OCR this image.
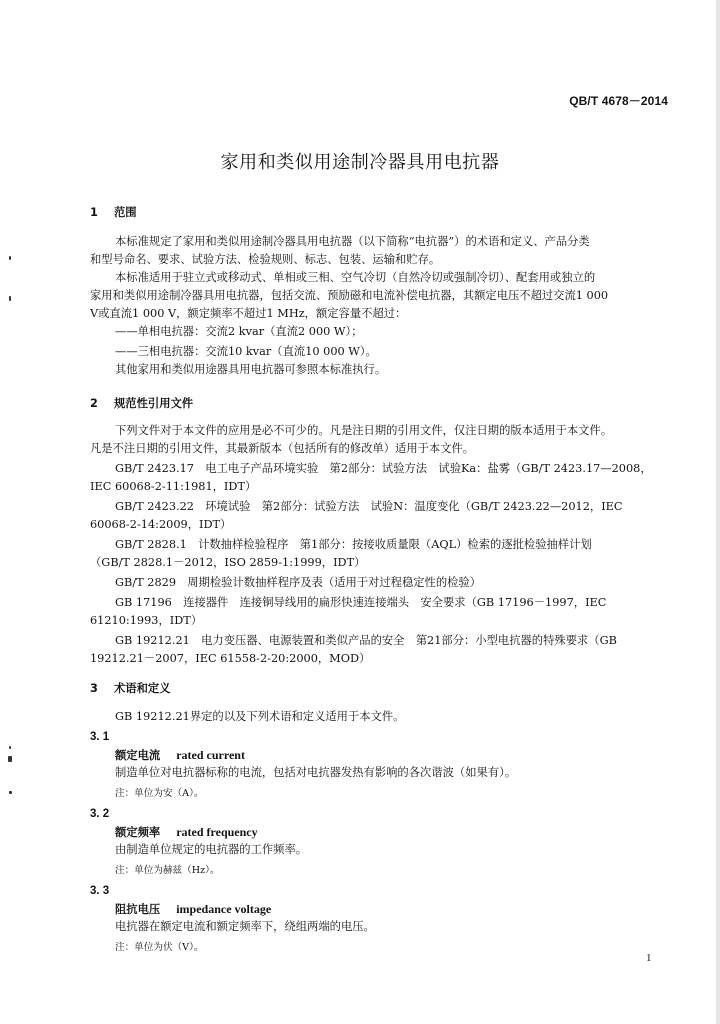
QB/T 4678－2014
家用和类似用途制冷器具用电抗器
1 范围
本标准规定了家用和类似用途制冷器具用电抗器（以下简称“电抗器”）的术语和定义、产品分类
和型号命名、要求、试验方法、检验规则、标志、包装、运输和贮存。
本标准适用于驻立式或移动式、单相或三相、空气冷切（自然冷切或强制冷切）、配套用或独立的
家用和类似用途制冷器具用电抗器，包括交流、预励磁和电流补偿电抗器，其额定电压不超过交流1 000
V或直流1 000 V，额定频率不超过1 MHz，额定容量不超过：
——单相电抗器：交流2 kvar（直流2 000 W）；
——三相电抗器：交流10 kvar（直流10 000 W）。
其他家用和类似用途器具用电抗器可参照本标准执行。
2 规范性引用文件
下列文件对于本文件的应用是必不可少的。凡是注日期的引用文件，仅注日期的版本适用于本文件。
凡是不注日期的引用文件，其最新版本（包括所有的修改单）适用于本文件。
GB/T 2423.17　电工电子产品环境实验　第2部分：试验方法　试验Ka：盐雾（GB/T 2423.17—2008，
IEC 60068-2-11:1981，IDT）
GB/T 2423.22　环境试验　第2部分：试验方法　试验N：温度变化（GB/T 2423.22—2012，IEC
60068-2-14:2009，IDT）
GB/T 2828.1　计数抽样检验程序　第1部分：按接收质量限（AQL）检索的逐批检验抽样计划
（GB/T 2828.1－2012，ISO 2859-1:1999，IDT）
GB/T 2829　周期检验计数抽样程序及表（适用于对过程稳定性的检验）
GB 17196　连接器件　连接铜导线用的扁形快速连接端头　安全要求（GB 17196－1997，IEC
61210:1993，IDT）
GB 19212.21　电力变压器、电源装置和类似产品的安全　第21部分：小型电抗器的特殊要求（GB
19212.21－2007，IEC 61558-2-20:2000，MOD）
3 术语和定义
GB 19212.21界定的以及下列术语和定义适用于本文件。
3. 1
额定电流 rated current
制造单位对电抗器标称的电流，包括对电抗器发热有影响的各次谐波（如果有）。
注：单位为安（A）。
3. 2
额定频率 rated frequency
由制造单位规定的电抗器的工作频率。
注：单位为赫兹（Hz）。
3. 3
阻抗电压 impedance voltage
电抗器在额定电流和额定频率下，绕组两端的电压。
注：单位为伏（V）。
1
